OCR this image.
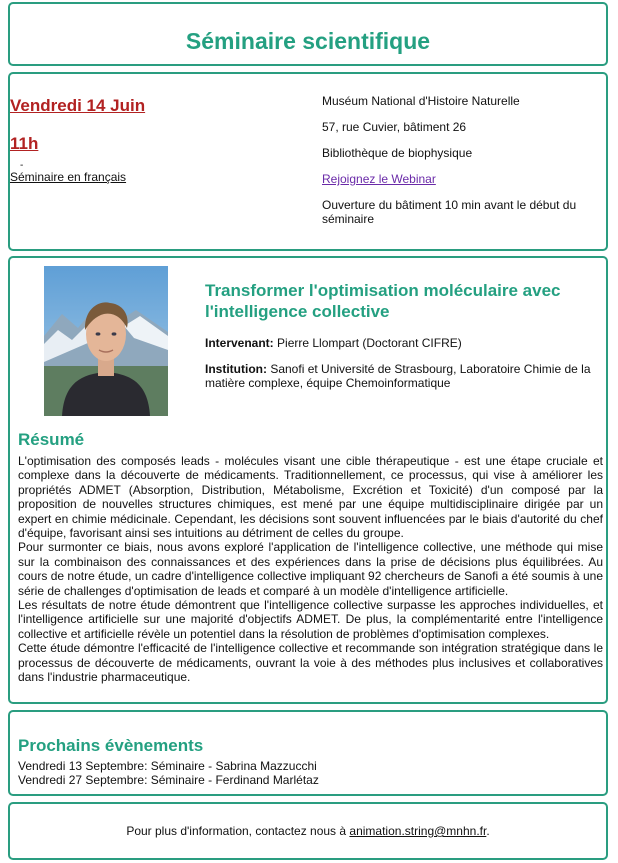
Séminaire scientifique
Vendredi 14 Juin
11h
-
Séminaire en français
Muséum National d'Histoire Naturelle
57, rue Cuvier, bâtiment 26
Bibliothèque de biophysique
Rejoignez le Webinar
Ouverture du bâtiment 10 min avant le début du séminaire
Transformer l'optimisation moléculaire avec l'intelligence collective

Intervenant: Pierre Llompart (Doctorant CIFRE)

Institution: Sanofi et Université de Strasbourg, Laboratoire Chimie de la matière complexe, équipe Chemoinformatique

Résumé

L'optimisation des composés leads - molécules visant une cible thérapeutique - est une étape cruciale et complexe dans la découverte de médicaments. Traditionnellement, ce processus, qui vise à améliorer les propriétés ADMET (Absorption, Distribution, Métabolisme, Excrétion et Toxicité) d'un composé par la proposition de nouvelles structures chimiques, est mené par une équipe multidisciplinaire dirigée par un expert en chimie médicinale. Cependant, les décisions sont souvent influencées par le biais d'autorité du chef d'équipe, favorisant ainsi ses intuitions au détriment de celles du groupe.

Pour surmonter ce biais, nous avons exploré l'application de l'intelligence collective, une méthode qui mise sur la combinaison des connaissances et des expériences dans la prise de décisions plus équilibrées. Au cours de notre étude, un cadre d'intelligence collective impliquant 92 chercheurs de Sanofi a été soumis à une série de challenges d'optimisation de leads et comparé à un modèle d'intelligence artificielle.

Les résultats de notre étude démontrent que l'intelligence collective surpasse les approches individuelles, et l'intelligence artificielle sur une majorité d'objectifs ADMET. De plus, la complémentarité entre l'intelligence collective et artificielle révèle un potentiel dans la résolution de problèmes d'optimisation complexes.

Cette étude démontre l'efficacité de l'intelligence collective et recommande son intégration stratégique dans le processus de découverte de médicaments, ouvrant la voie à des méthodes plus inclusives et collaboratives dans l'industrie pharmaceutique.

Prochains évènements
Vendredi 13 Septembre: Séminaire - Sabrina Mazzucchi
Vendredi 27 Septembre: Séminaire - Ferdinand Marlétaz
Pour plus d'information, contactez nous à animation.string@mnhn.fr.
